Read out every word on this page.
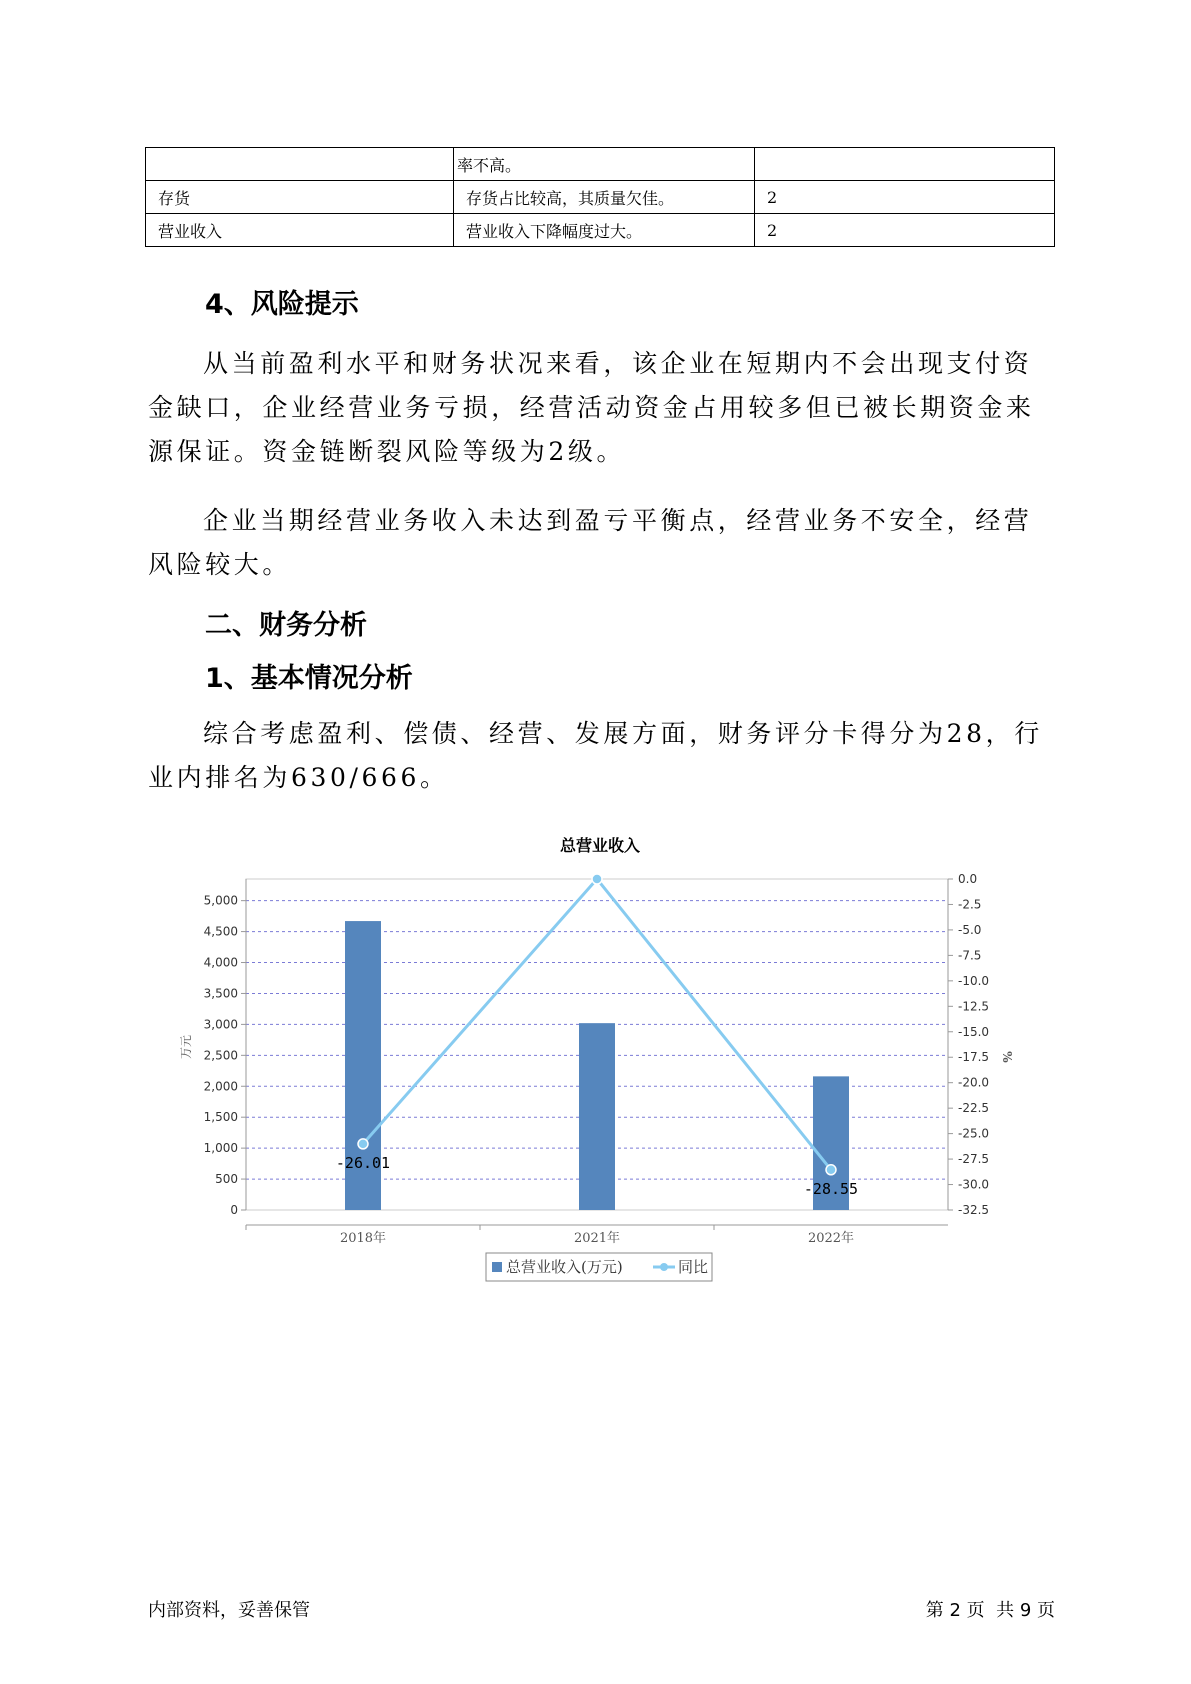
	率不高。	
存货	存货占比较高，其质量欠佳。	2
营业收入	营业收入下降幅度过大。	2
4、风险提示

从当前盈利水平和财务状况来看，该企业在短期内不会出现支付资金缺口，企业经营业务亏损，经营活动资金占用较多但已被长期资金来源保证。资金链断裂风险等级为2级。

企业当期经营业务收入未达到盈亏平衡点，经营业务不安全，经营风险较大。

二、财务分析
1、基本情况分析

综合考虑盈利、偿债、经营、发展方面，财务评分卡得分为28，行业内排名为630/666。

总营业收入
0
500
1,000
1,500
2,000
2,500
3,000
3,500
4,000
4,500
5,000
0.0
-2.5
-5.0
-7.5
-10.0
-12.5
-15.0
-17.5
-20.0
-22.5
-25.0
-27.5
-30.0
-32.5
万元	%
-26.01
-28.55
2018年	2021年	2022年
总营业收入(万元)	同比
内部资料，妥善保管	第 2 页  共 9 页
